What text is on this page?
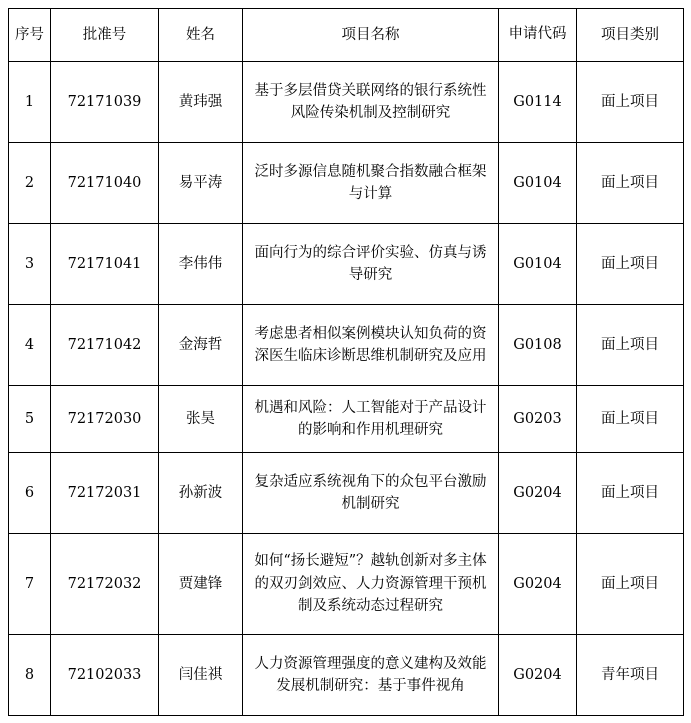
序号	批准号	姓名	项目名称	申请代码	项目类别
1	72171039	黄玮强	基于多层借贷关联网络的银行系统性风险传染机制及控制研究	G0114	面上项目
2	72171040	易平涛	泛时多源信息随机聚合指数融合框架与计算	G0104	面上项目
3	72171041	李伟伟	面向行为的综合评价实验、仿真与诱导研究	G0104	面上项目
4	72171042	金海哲	考虑患者相似案例模块认知负荷的资深医生临床诊断思维机制研究及应用	G0108	面上项目
5	72172030	张昊	机遇和风险：人工智能对于产品设计的影响和作用机理研究	G0203	面上项目
6	72172031	孙新波	复杂适应系统视角下的众包平台激励机制研究	G0204	面上项目
7	72172032	贾建锋	如何“扬长避短”？越轨创新对多主体的双刃剑效应、人力资源管理干预机制及系统动态过程研究	G0204	面上项目
8	72102033	闫佳祺	人力资源管理强度的意义建构及效能发展机制研究：基于事件视角	G0204	青年项目
